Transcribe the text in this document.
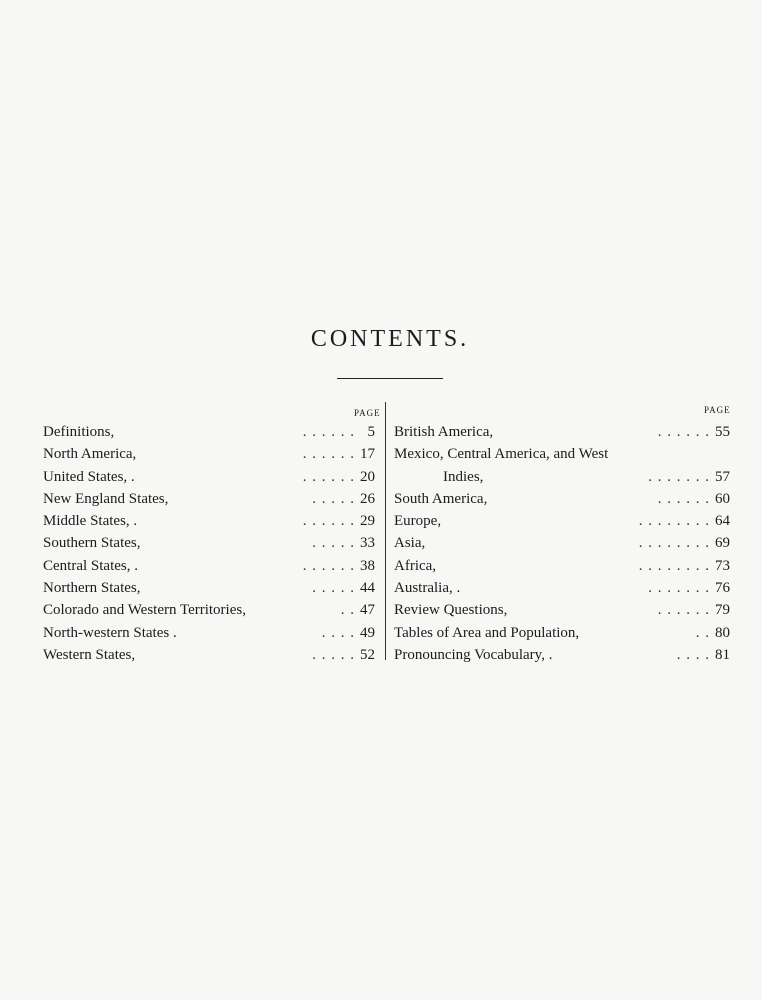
CONTENTS.
PAGE	PAGE
Definitions,	. . . . . . 5
North America,	. . . . . . 17
United States, .	. . . . . . 20
New England States,	. . . . . 26
Middle States, .	. . . . . . 29
Southern States,	. . . . . 33
Central States, .	. . . . . . 38
Northern States,	. . . . . 44
Colorado and Western Territories,	. . 47
North-western States .	. . . . 49
Western States,	. . . . . 52
British America,	. . . . . . 55
Mexico, Central America, and West
Indies,	. . . . . . . 57
South America,	. . . . . . 60
Europe,	. . . . . . . . 64
Asia,	. . . . . . . . 69
Africa,	. . . . . . . . 73
Australia, .	. . . . . . . 76
Review Questions,	. . . . . . 79
Tables of Area and Population,	. . 80
Pronouncing Vocabulary, .	. . . . 81
